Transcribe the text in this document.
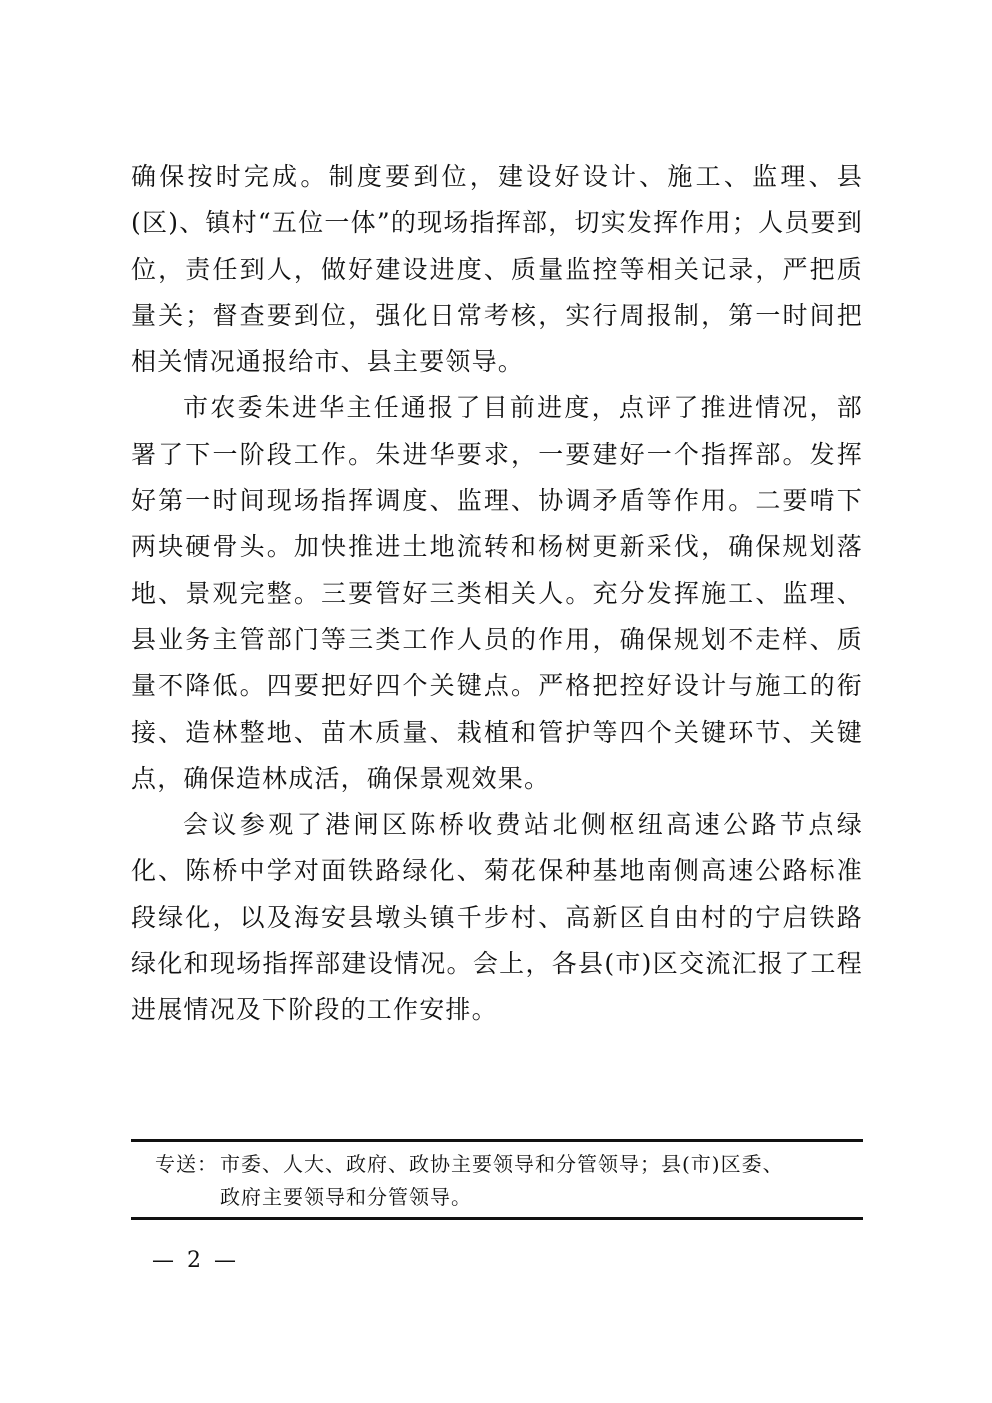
确保按时完成。制度要到位，建设好设计、施工、监理、县(区)、镇村“五位一体”的现场指挥部，切实发挥作用；人员要到位，责任到人，做好建设进度、质量监控等相关记录，严把质量关；督查要到位，强化日常考核，实行周报制，第一时间把相关情况通报给市、县主要领导。

市农委朱进华主任通报了目前进度，点评了推进情况，部署了下一阶段工作。朱进华要求，一要建好一个指挥部。发挥好第一时间现场指挥调度、监理、协调矛盾等作用。二要啃下两块硬骨头。加快推进土地流转和杨树更新采伐，确保规划落地、景观完整。三要管好三类相关人。充分发挥施工、监理、县业务主管部门等三类工作人员的作用，确保规划不走样、质量不降低。四要把好四个关键点。严格把控好设计与施工的衔接、造林整地、苗木质量、栽植和管护等四个关键环节、关键点，确保造林成活，确保景观效果。

会议参观了港闸区陈桥收费站北侧枢纽高速公路节点绿化、陈桥中学对面铁路绿化、菊花保种基地南侧高速公路标准段绿化，以及海安县墩头镇千步村、高新区自由村的宁启铁路绿化和现场指挥部建设情况。会上，各县(市)区交流汇报了工程进展情况及下阶段的工作安排。

专送： 市委、人大、政府、政协主要领导和分管领导；县(市)区委、
政府主要领导和分管领导。
— 2 —
